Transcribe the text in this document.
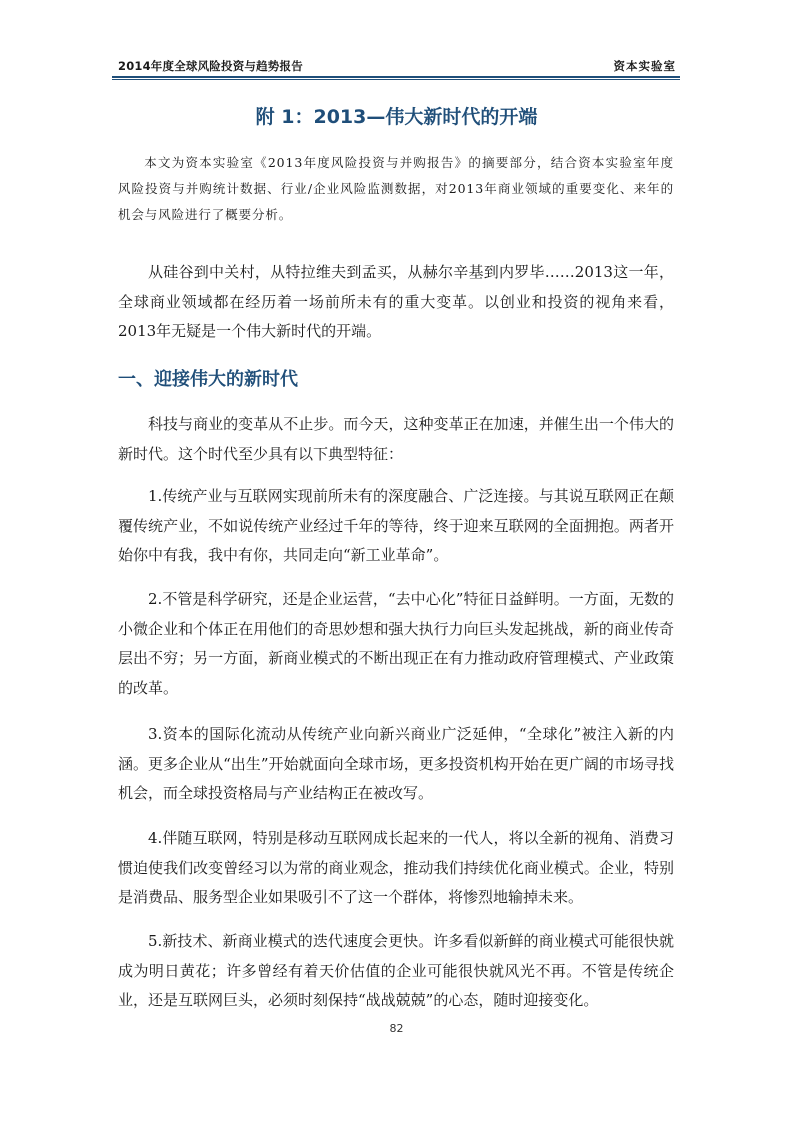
2014年度全球风险投资与趋势报告	资本实验室
附 1：2013—伟大新时代的开端
本文为资本实验室《2013年度风险投资与并购报告》的摘要部分，结合资本实验室年度风险投资与并购统计数据、行业/企业风险监测数据，对2013年商业领域的重要变化、来年的机会与风险进行了概要分析。
从硅谷到中关村，从特拉维夫到孟买，从赫尔辛基到内罗毕……2013这一年，全球商业领域都在经历着一场前所未有的重大变革。以创业和投资的视角来看，2013年无疑是一个伟大新时代的开端。
一、迎接伟大的新时代
科技与商业的变革从不止步。而今天，这种变革正在加速，并催生出一个伟大的新时代。这个时代至少具有以下典型特征：
1.传统产业与互联网实现前所未有的深度融合、广泛连接。与其说互联网正在颠覆传统产业，不如说传统产业经过千年的等待，终于迎来互联网的全面拥抱。两者开始你中有我，我中有你，共同走向“新工业革命”。
2.不管是科学研究，还是企业运营，“去中心化”特征日益鲜明。一方面，无数的小微企业和个体正在用他们的奇思妙想和强大执行力向巨头发起挑战，新的商业传奇层出不穷；另一方面，新商业模式的不断出现正在有力推动政府管理模式、产业政策的改革。
3.资本的国际化流动从传统产业向新兴商业广泛延伸，“全球化”被注入新的内涵。更多企业从“出生”开始就面向全球市场，更多投资机构开始在更广阔的市场寻找机会，而全球投资格局与产业结构正在被改写。
4.伴随互联网，特别是移动互联网成长起来的一代人，将以全新的视角、消费习惯迫使我们改变曾经习以为常的商业观念，推动我们持续优化商业模式。企业，特别是消费品、服务型企业如果吸引不了这一个群体，将惨烈地输掉未来。
5.新技术、新商业模式的迭代速度会更快。许多看似新鲜的商业模式可能很快就成为明日黄花；许多曾经有着天价估值的企业可能很快就风光不再。不管是传统企业，还是互联网巨头，必须时刻保持“战战兢兢”的心态，随时迎接变化。
82
